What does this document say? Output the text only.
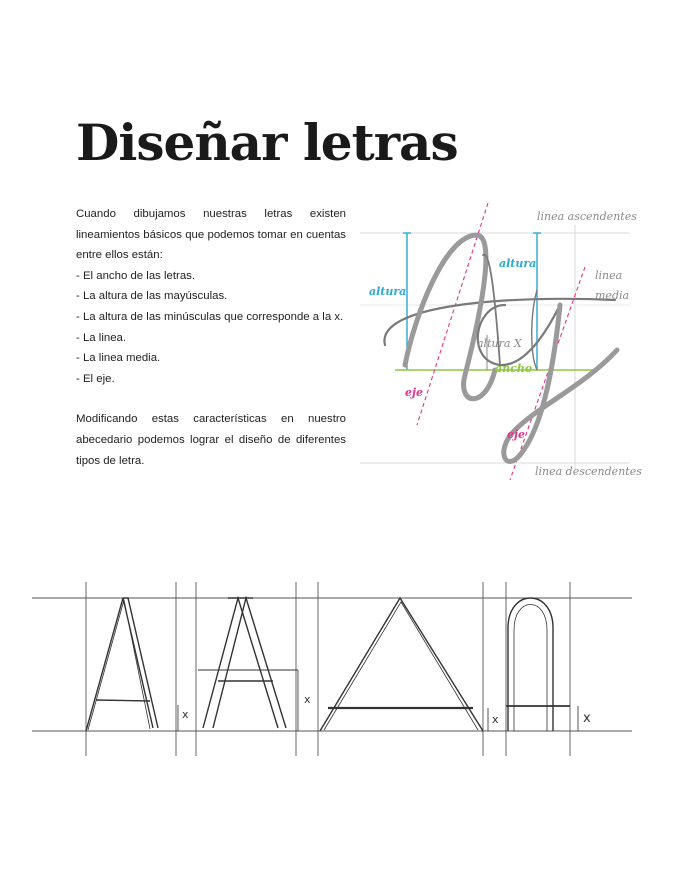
Diseñar letras
Cuando dibujamos nuestras letras existen lineamientos básicos que podemos tomar en cuentas entre ellos están:
- El ancho de las letras.
- La altura de las mayúsculas.
- La altura de las minúsculas que corresponde a la x.
- La linea.
- La linea media.
- El eje.
Modificando estas características en nuestro abecedario podemos lograr el diseño de diferentes tipos de letra.
linea ascendentes
linea
media
altura
altura
altura X
ancho
eje
eje
linea descendentes
x
x
x	x
